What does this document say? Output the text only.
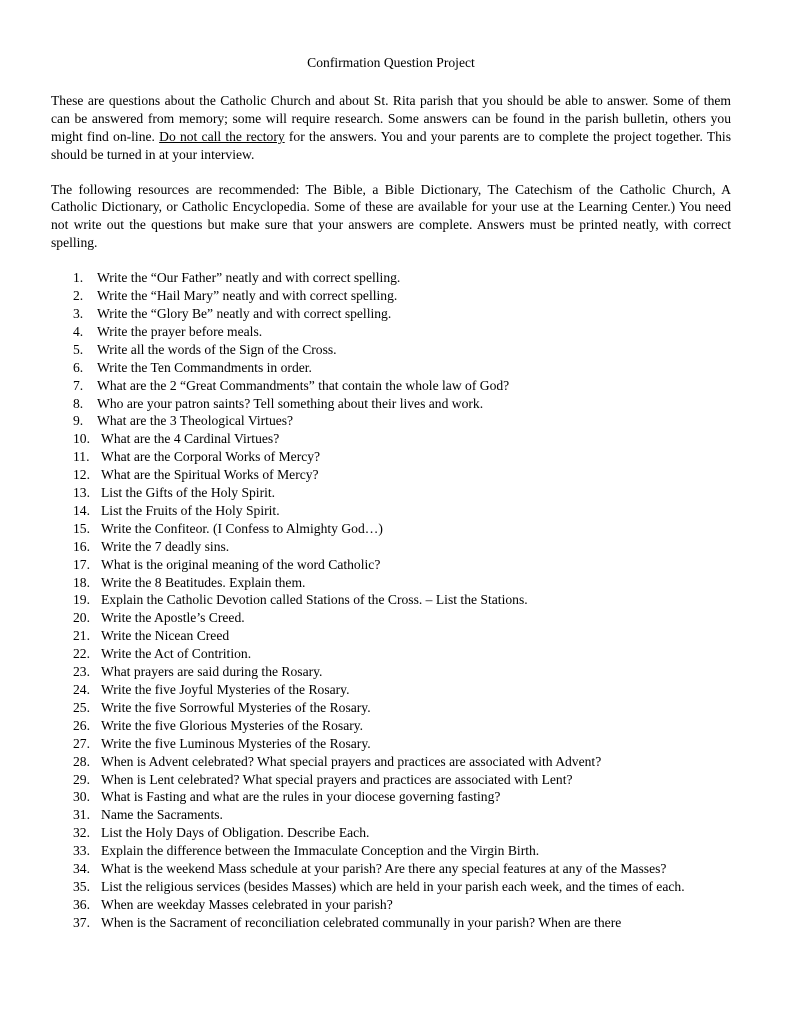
Confirmation Question Project

These are questions about the Catholic Church and about St. Rita parish that you should be able to answer. Some of them can be answered from memory; some will require research. Some answers can be found in the parish bulletin, others you might find on-line. Do not call the rectory for the answers. You and your parents are to complete the project together. This should be turned in at your interview.

The following resources are recommended: The Bible, a Bible Dictionary, The Catechism of the Catholic Church, A Catholic Dictionary, or Catholic Encyclopedia. Some of these are available for your use at the Learning Center.) You need not write out the questions but make sure that your answers are complete. Answers must be printed neatly, with correct spelling.

1. Write the “Our Father” neatly and with correct spelling.
2. Write the “Hail Mary” neatly and with correct spelling.
3. Write the “Glory Be” neatly and with correct spelling.
4. Write the prayer before meals.
5. Write all the words of the Sign of the Cross.
6. Write the Ten Commandments in order.
7. What are the 2 “Great Commandments” that contain the whole law of God?
8. Who are your patron saints? Tell something about their lives and work.
9. What are the 3 Theological Virtues?
10. What are the 4 Cardinal Virtues?
11. What are the Corporal Works of Mercy?
12. What are the Spiritual Works of Mercy?
13. List the Gifts of the Holy Spirit.
14. List the Fruits of the Holy Spirit.
15. Write the Confiteor. (I Confess to Almighty God…)
16. Write the 7 deadly sins.
17. What is the original meaning of the word Catholic?
18. Write the 8 Beatitudes. Explain them.
19. Explain the Catholic Devotion called Stations of the Cross. – List the Stations.
20. Write the Apostle’s Creed.
21. Write the Nicean Creed
22. Write the Act of Contrition.
23. What prayers are said during the Rosary.
24. Write the five Joyful Mysteries of the Rosary.
25. Write the five Sorrowful Mysteries of the Rosary.
26. Write the five Glorious Mysteries of the Rosary.
27. Write the five Luminous Mysteries of the Rosary.
28. When is Advent celebrated? What special prayers and practices are associated with Advent?
29. When is Lent celebrated? What special prayers and practices are associated with Lent?
30. What is Fasting and what are the rules in your diocese governing fasting?
31. Name the Sacraments.
32. List the Holy Days of Obligation. Describe Each.
33. Explain the difference between the Immaculate Conception and the Virgin Birth.
34. What is the weekend Mass schedule at your parish? Are there any special features at any of the Masses?
35. List the religious services (besides Masses) which are held in your parish each week, and the times of each.
36. When are weekday Masses celebrated in your parish?
37. When is the Sacrament of reconciliation celebrated communally in your parish? When are there
